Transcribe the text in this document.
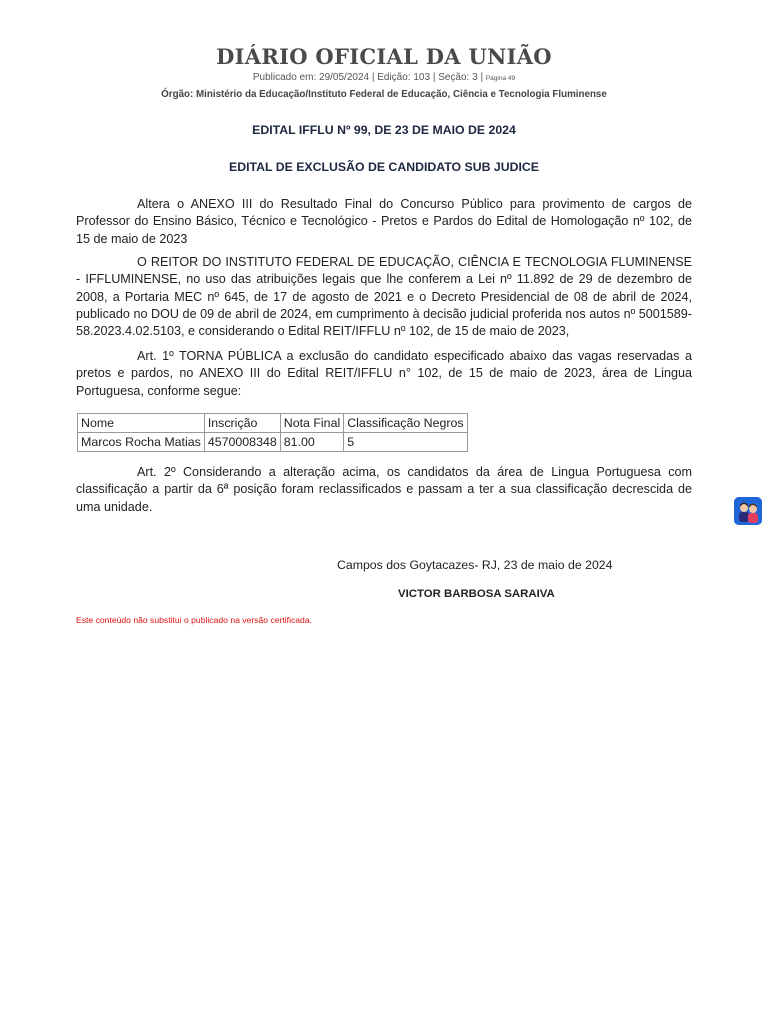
DIÁRIO OFICIAL DA UNIÃO
Publicado em: 29/05/2024 | Edição: 103 | Seção: 3 | Página 49
Órgão: Ministério da Educação/Instituto Federal de Educação, Ciência e Tecnologia Fluminense
EDITAL IFFLU Nº 99, DE 23 DE MAIO DE 2024
EDITAL DE EXCLUSÃO DE CANDIDATO SUB JUDICE

Altera o ANEXO III do Resultado Final do Concurso Público para provimento de cargos de Professor do Ensino Básico, Técnico e Tecnológico - Pretos e Pardos do Edital de Homologação nº 102, de 15 de maio de 2023

O REITOR DO INSTITUTO FEDERAL DE EDUCAÇÃO, CIÊNCIA E TECNOLOGIA FLUMINENSE - IFFLUMINENSE, no uso das atribuições legais que lhe conferem a Lei nº 11.892 de 29 de dezembro de 2008, a Portaria MEC nº 645, de 17 de agosto de 2021 e o Decreto Presidencial de 08 de abril de 2024, publicado no DOU de 09 de abril de 2024, em cumprimento à decisão judicial proferida nos autos nº 5001589-58.2023.4.02.5103, e considerando o Edital REIT/IFFLU nº 102, de 15 de maio de 2023,

Art. 1º TORNA PÚBLICA a exclusão do candidato especificado abaixo das vagas reservadas a pretos e pardos, no ANEXO III do Edital REIT/IFFLU n° 102, de 15 de maio de 2023, área de Lingua Portuguesa, conforme segue:

Nome	Inscrição	Nota Final	Classificação Negros
Marcos Rocha Matias	4570008348	81.00	5

Art. 2º Considerando a alteração acima, os candidatos da área de Lingua Portuguesa com classificação a partir da 6ª posição foram reclassificados e passam a ter a sua classificação decrescida de uma unidade.

Campos dos Goytacazes- RJ, 23 de maio de 2024
VICTOR BARBOSA SARAIVA
Este conteúdo não substitui o publicado na versão certificada.
